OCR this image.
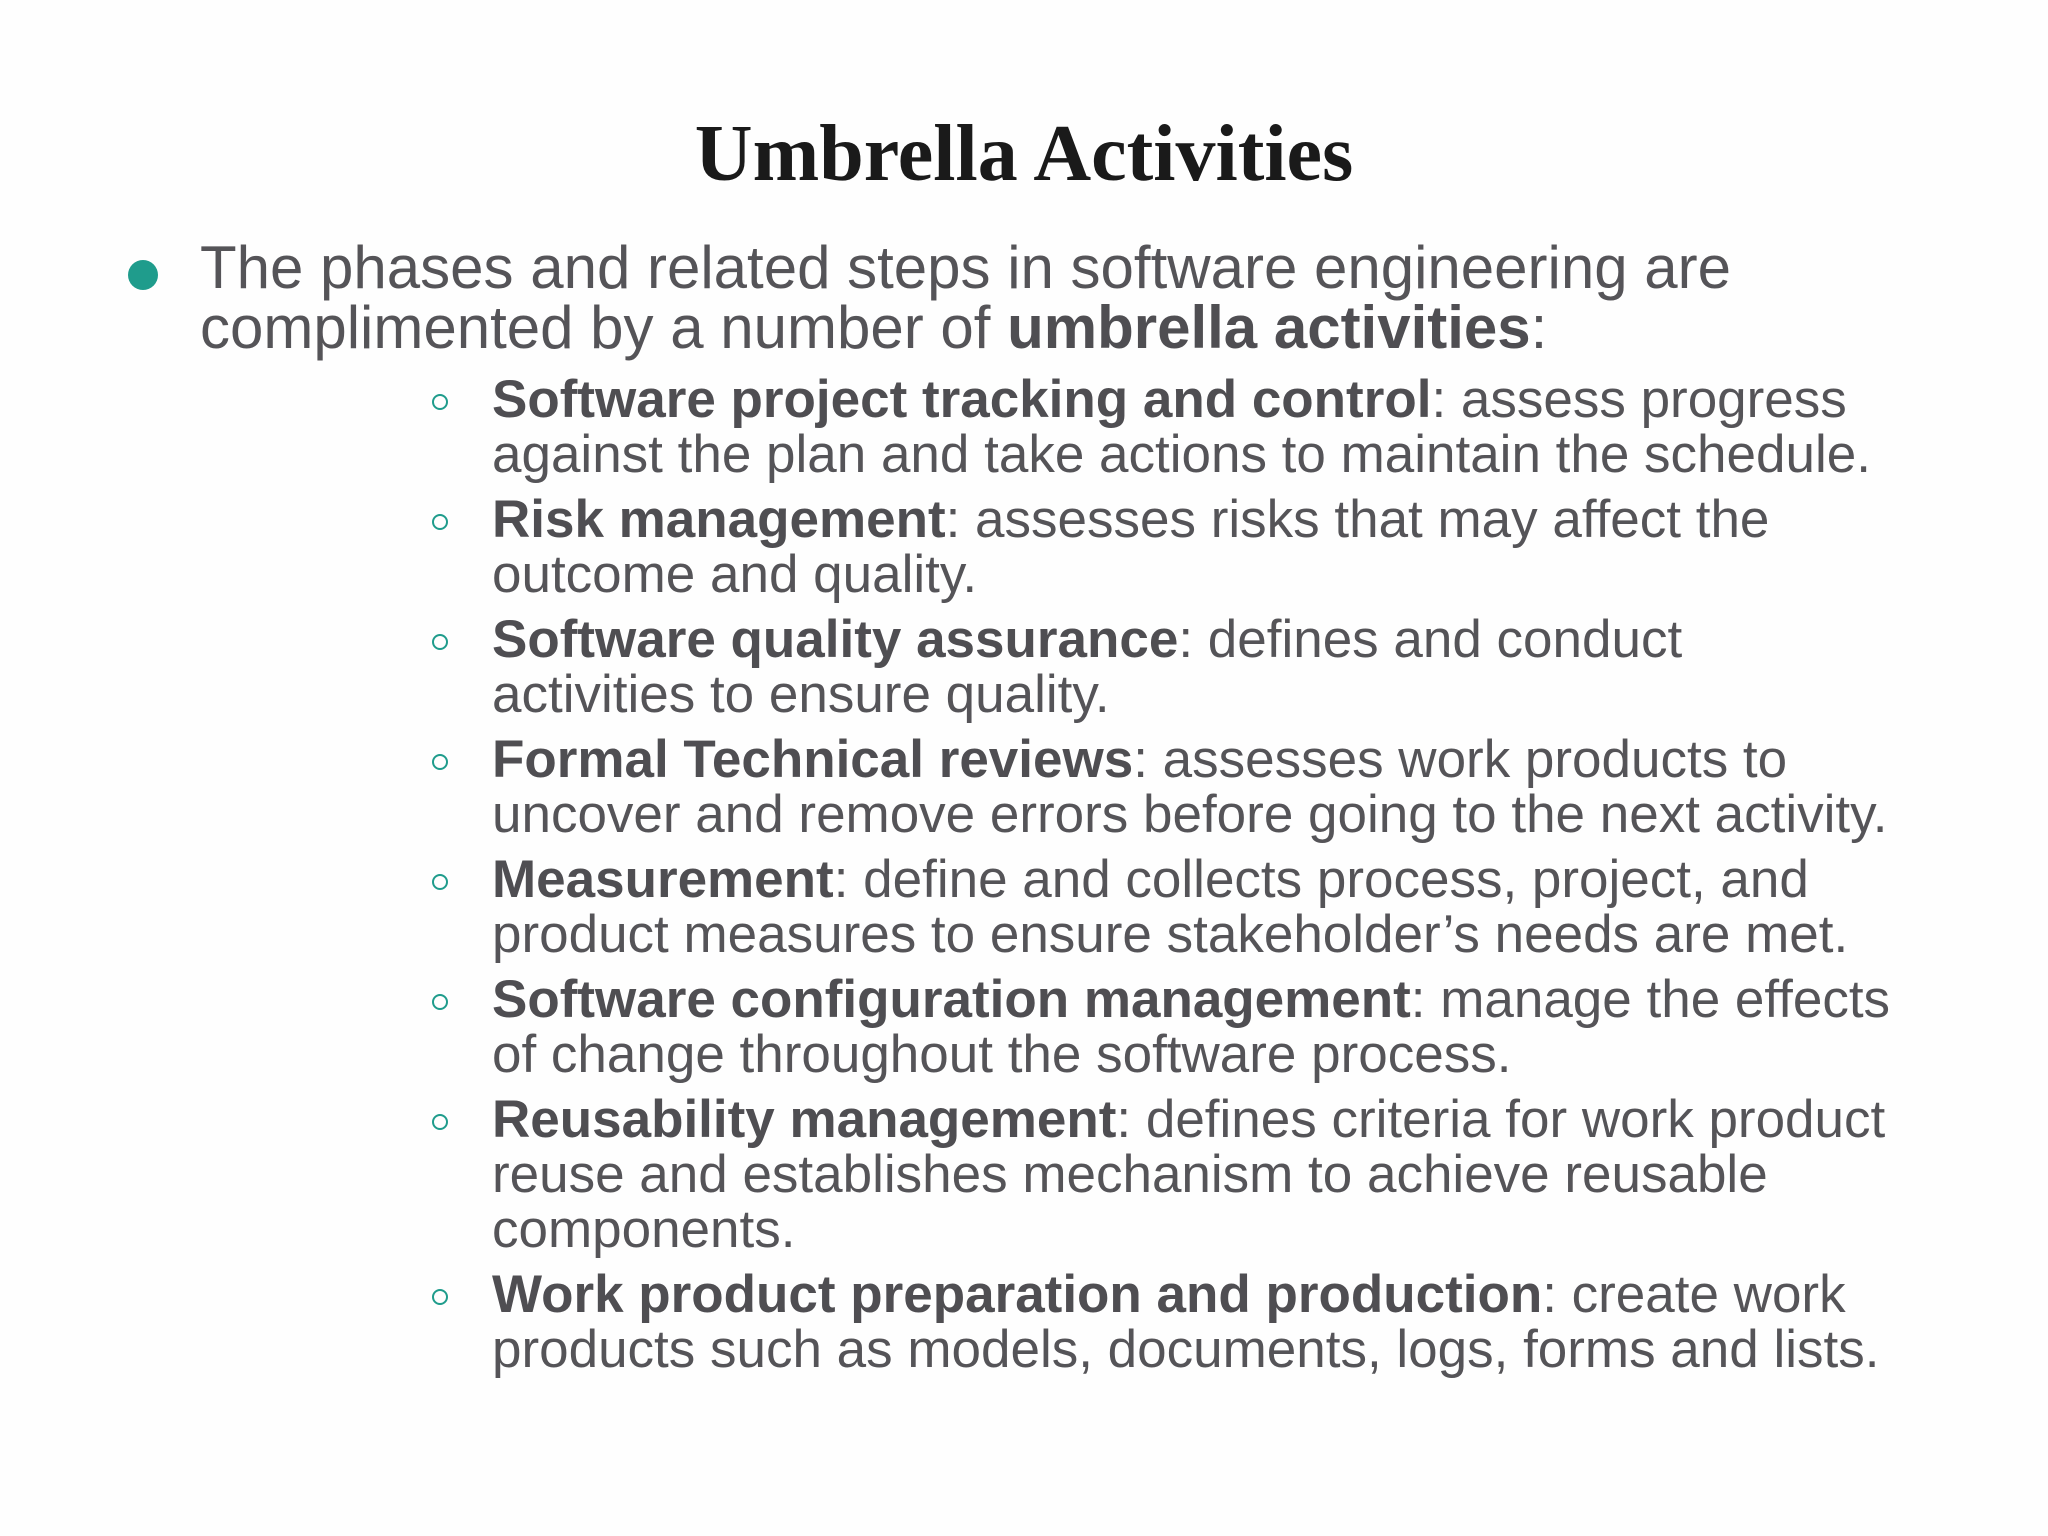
Umbrella Activities
The phases and related steps in software engineering are complimented by a number of umbrella activities:
Software project tracking and control: assess progress against the plan and take actions to maintain the schedule.
Risk management: assesses risks that may affect the outcome and quality.
Software quality assurance: defines and conduct activities to ensure quality.
Formal Technical reviews: assesses work products to uncover and remove errors before going to the next activity.
Measurement: define and collects process, project, and product measures to ensure stakeholder’s needs are met.
Software configuration management: manage the effects of change throughout the software process.
Reusability management: defines criteria for work product reuse and establishes mechanism to achieve reusable components.
Work product preparation and production: create work products such as models, documents, logs, forms and lists.
